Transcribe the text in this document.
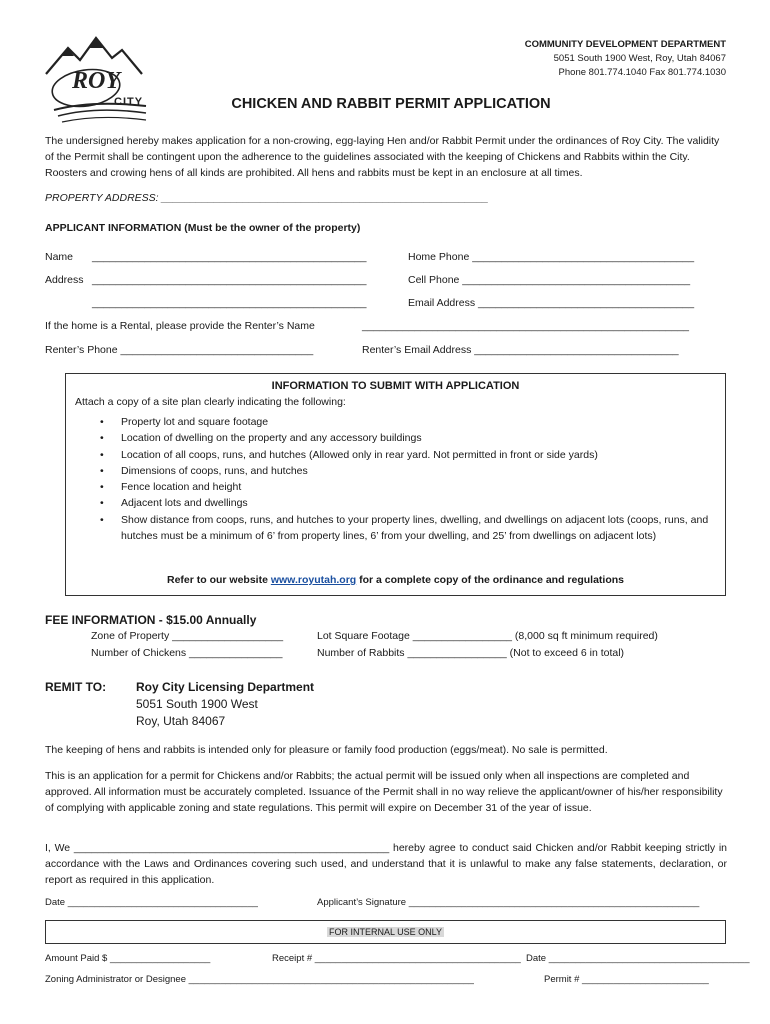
ROY
CITY
COMMUNITY DEVELOPMENT DEPARTMENT
5051 South 1900 West, Roy, Utah 84067
Phone 801.774.1040 Fax 801.774.1030
CHICKEN AND RABBIT PERMIT APPLICATION
The undersigned hereby makes application for a non-crowing, egg-laying Hen and/or Rabbit Permit under the ordinances of Roy City. The validity of the Permit shall be contingent upon the adherence to the guidelines associated with the keeping of Chickens and Rabbits within the City. Roosters and crowing hens of all kinds are prohibited. All hens and rabbits must be kept in an enclosure at all times.
PROPERTY ADDRESS: ________________________________________________________
APPLICANT INFORMATION (Must be the owner of the property)
Name _______________________________________________	Home Phone ______________________________________
Address _______________________________________________	Cell Phone _______________________________________
_______________________________________________	Email Address _____________________________________
If the home is a Rental, please provide the Renter’s Name	________________________________________________________
Renter’s Phone _________________________________	Renter’s Email Address ___________________________________
INFORMATION TO SUBMIT WITH APPLICATION
Attach a copy of a site plan clearly indicating the following:
• Property lot and square footage
• Location of dwelling on the property and any accessory buildings
• Location of all coops, runs, and hutches (Allowed only in rear yard. Not permitted in front or side yards)
• Dimensions of coops, runs, and hutches
• Fence location and height
• Adjacent lots and dwellings
• Show distance from coops, runs, and hutches to your property lines, dwelling, and dwellings on adjacent lots (coops, runs, and hutches must be a minimum of 6’ from property lines, 6’ from your dwelling, and 25’ from dwellings on adjacent lots)
Refer to our website www.royutah.org for a complete copy of the ordinance and regulations
FEE INFORMATION - $15.00 Annually
Zone of Property ___________________	Lot Square Footage _________________ (8,000 sq ft minimum required)
Number of Chickens ________________	Number of Rabbits _________________ (Not to exceed 6 in total)
REMIT TO: Roy City Licensing Department
5051 South 1900 West
Roy, Utah 84067
The keeping of hens and rabbits is intended only for pleasure or family food production (eggs/meat). No sale is permitted.
This is an application for a permit for Chickens and/or Rabbits; the actual permit will be issued only when all inspections are completed and approved. All information must be accurately completed. Issuance of the Permit shall in no way relieve the applicant/owner of his/her responsibility of complying with applicable zoning and state regulations. This permit will expire on December 31 of the year of issue.
I, We ______________________________________________________ hereby agree to conduct said Chicken and/or Rabbit keeping strictly in accordance with the Laws and Ordinances covering such used, and understand that it is unlawful to make any false statements, declaration, or report as required in this application.
Date ____________________________________	Applicant’s Signature _______________________________________________________
FOR INTERNAL USE ONLY
Amount Paid $ ___________________	Receipt # _______________________________________ Date ______________________________________
Zoning Administrator or Designee ______________________________________________________	Permit # ________________________
